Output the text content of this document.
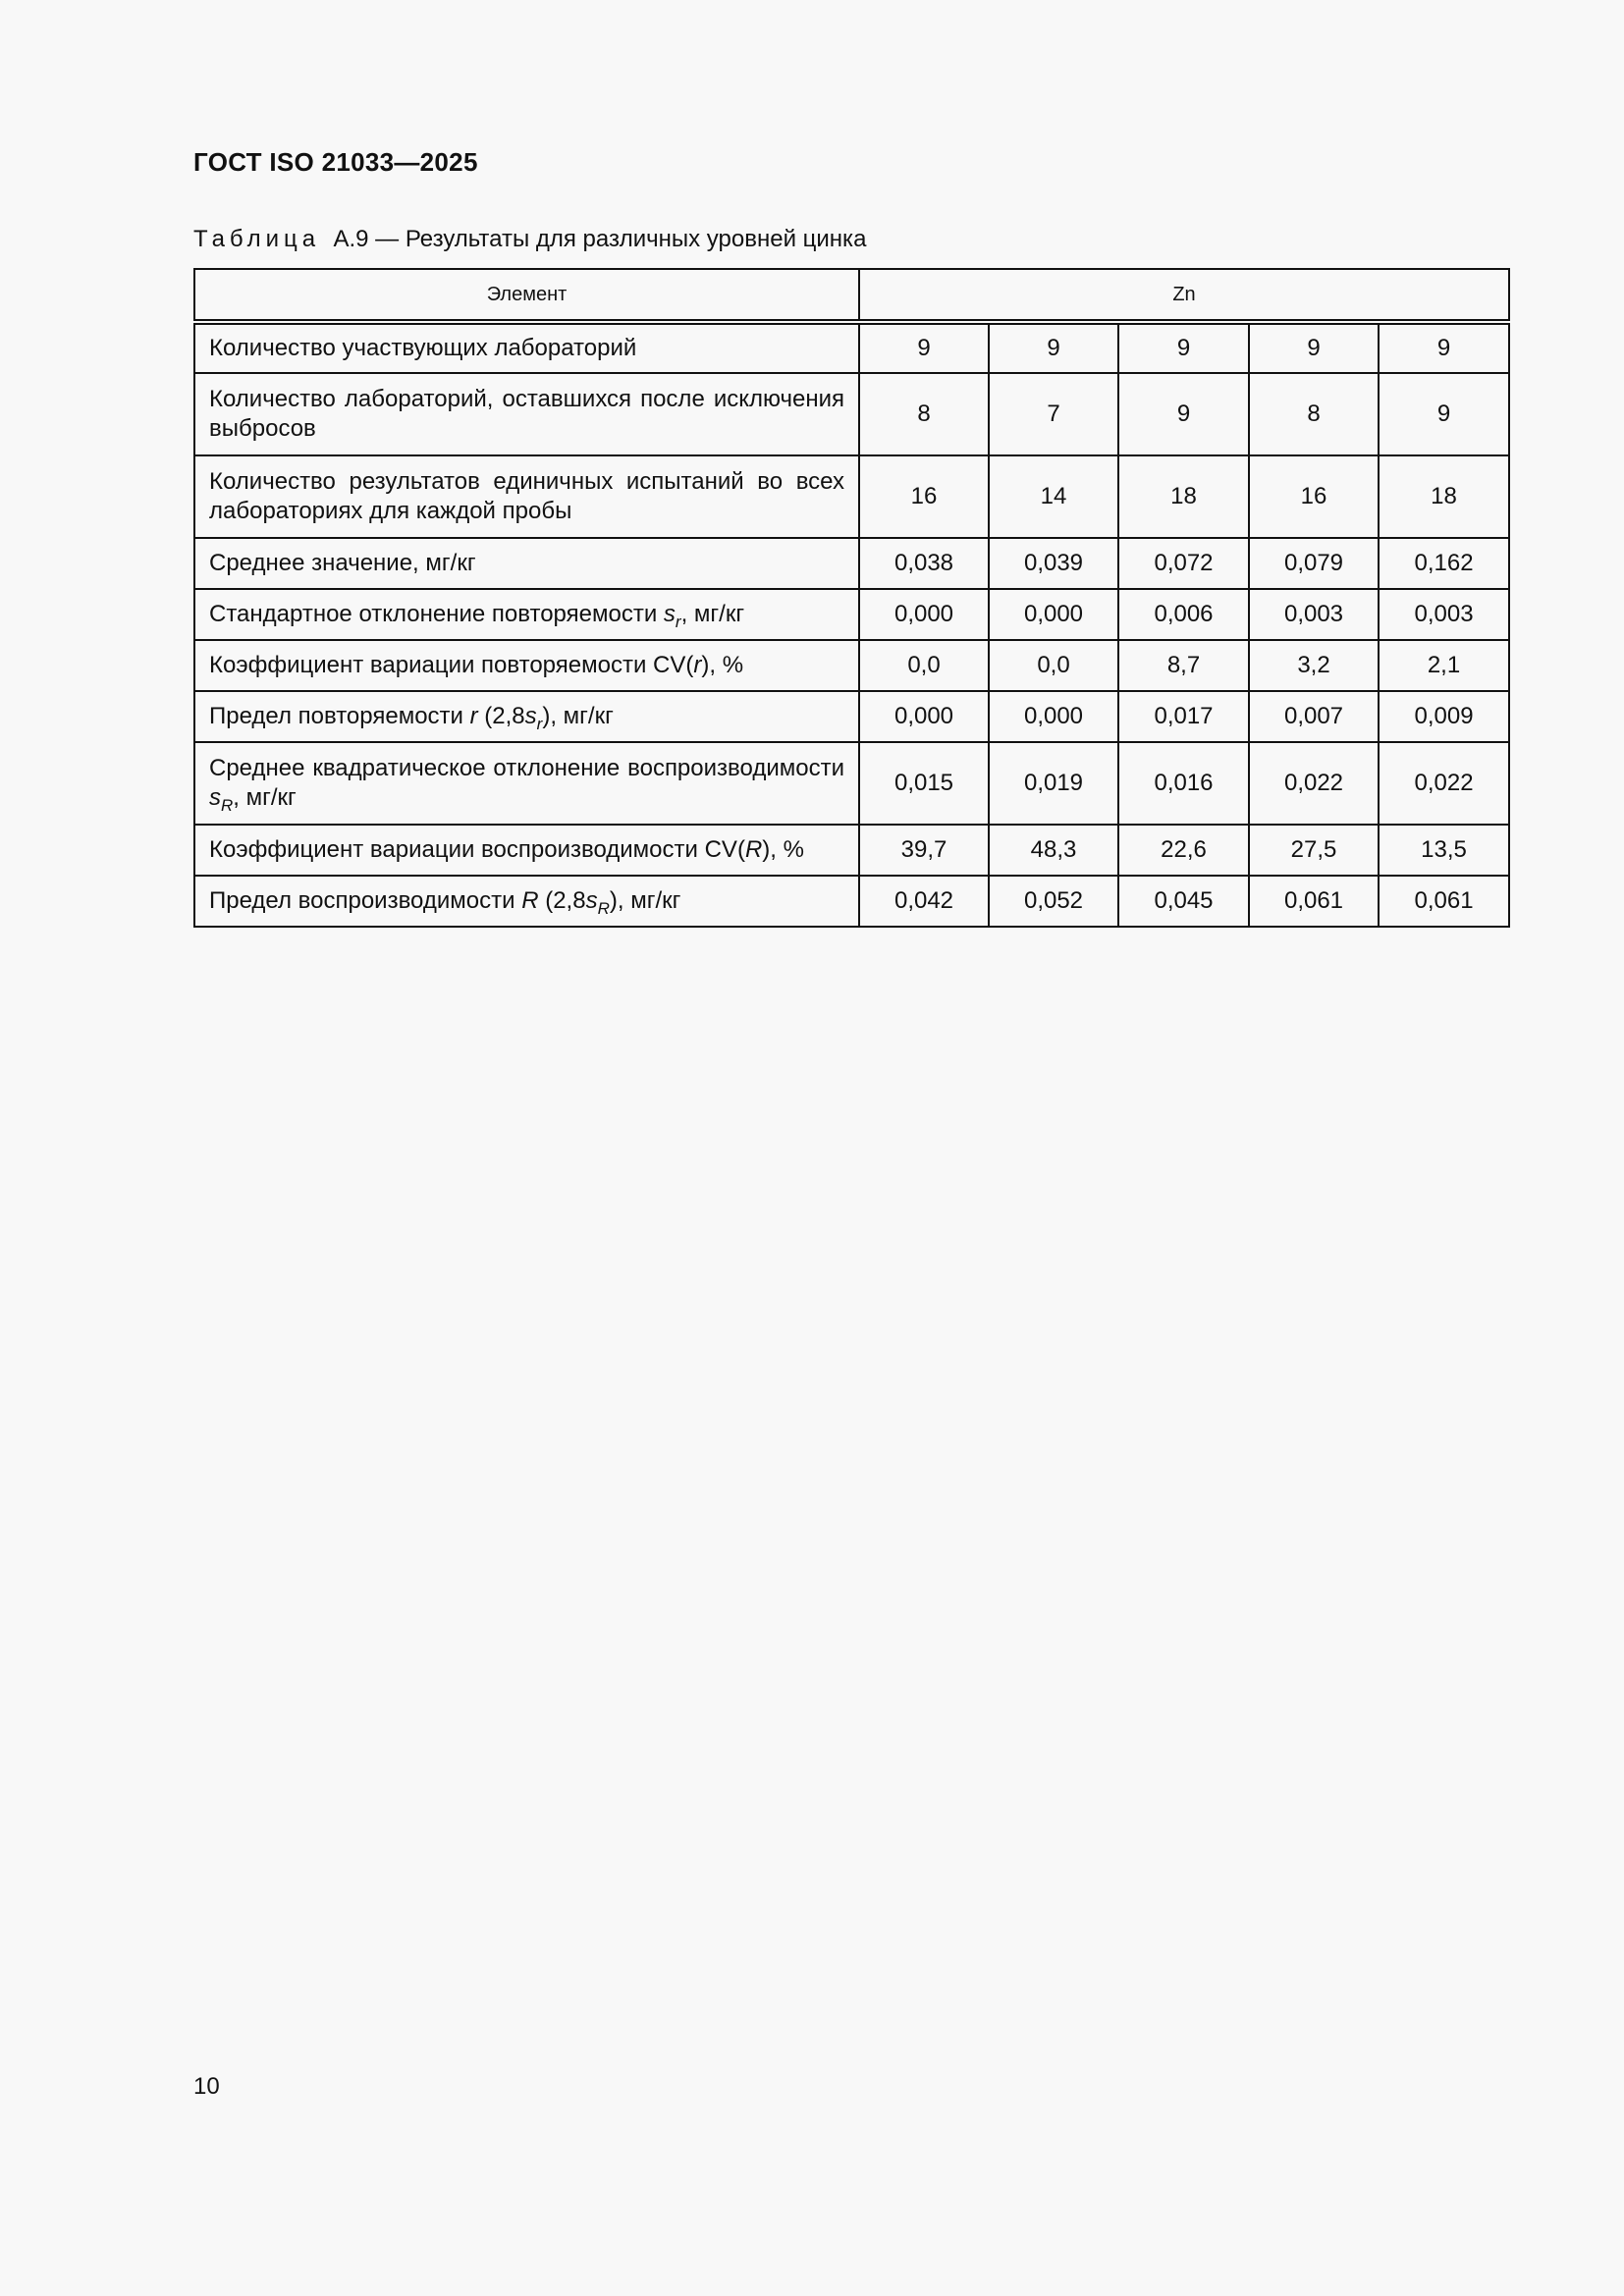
ГОСТ ISO 21033—2025
Таблица А.9 — Результаты для различных уровней цинка
Элемент	Zn				
Количество участвующих лабораторий	9	9	9	9	9
Количество лабораторий, оставшихся после исключения выбросов	8	7	9	8	9
Количество результатов единичных испытаний во всех лабораториях для каждой пробы	16	14	18	16	18
Среднее значение, мг/кг	0,038	0,039	0,072	0,079	0,162
Стандартное отклонение повторяемости $s_r$, мг/кг	0,000	0,000	0,006	0,003	0,003
Коэффициент вариации повторяемости CV(r), %	0,0	0,0	8,7	3,2	2,1
Предел повторяемости r $(2,8s_r)$, мг/кг	0,000	0,000	0,017	0,007	0,009
Среднее квадратическое отклонение воспроизводимости $s_R$, мг/кг	0,015	0,019	0,016	0,022	0,022
Коэффициент вариации воспроизводимости CV(R), %	39,7	48,3	22,6	27,5	13,5
Предел воспроизводимости R $(2,8s_R)$, мг/кг	0,042	0,052	0,045	0,061	0,061
10
